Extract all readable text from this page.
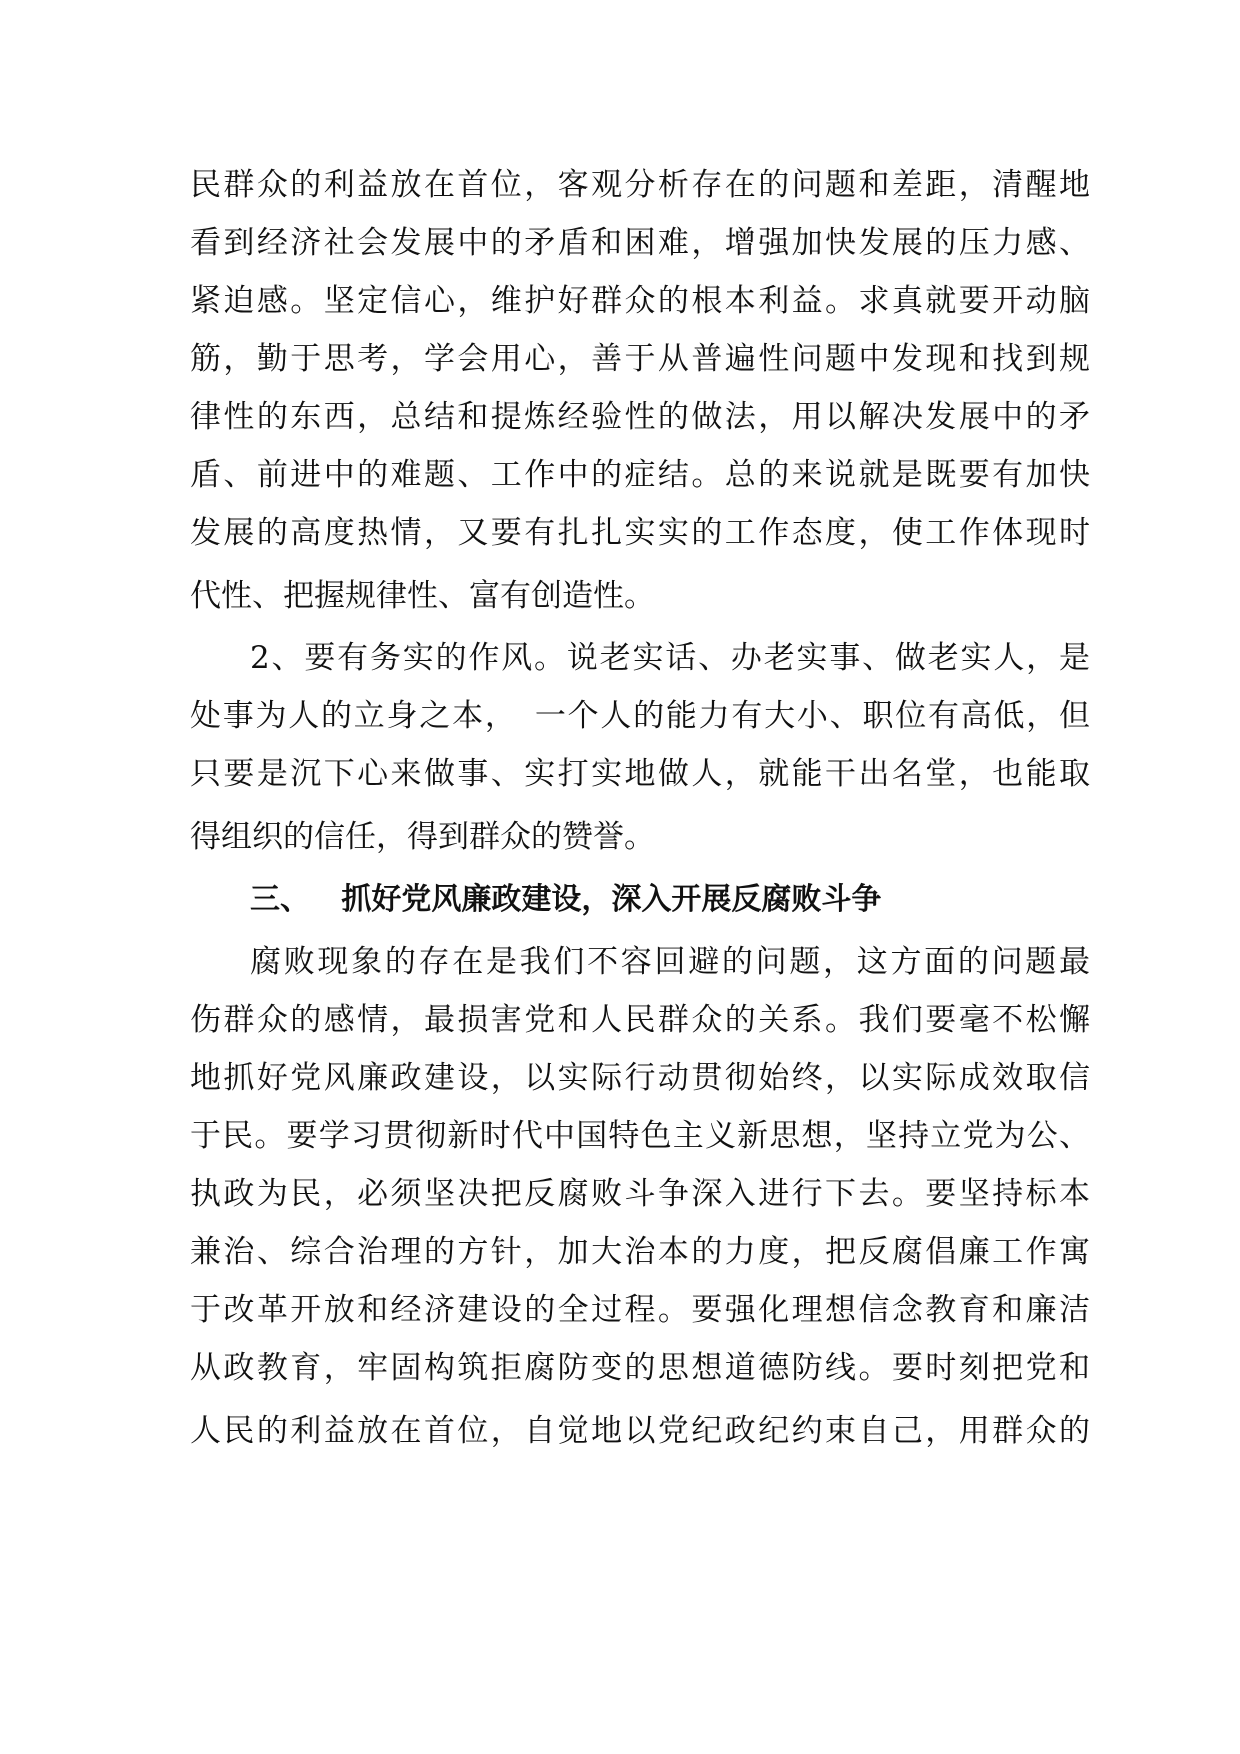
民群众的利益放在首位，客观分析存在的问题和差距，清醒地
看到经济社会发展中的矛盾和困难，增强加快发展的压力感、
紧迫感。坚定信心，维护好群众的根本利益。求真就要开动脑
筋，勤于思考，学会用心，善于从普遍性问题中发现和找到规
律性的东西，总结和提炼经验性的做法，用以解决发展中的矛
盾、前进中的难题、工作中的症结。总的来说就是既要有加快
发展的高度热情，又要有扎扎实实的工作态度，使工作体现时
代性、把握规律性、富有创造性。
2、要有务实的作风。说老实话、办老实事、做老实人，是
处事为人的立身之本，　一个人的能力有大小、职位有高低，但
只要是沉下心来做事、实打实地做人，就能干出名堂，也能取
得组织的信任，得到群众的赞誉。
三、 抓好党风廉政建设，深入开展反腐败斗争
腐败现象的存在是我们不容回避的问题，这方面的问题最
伤群众的感情，最损害党和人民群众的关系。我们要毫不松懈
地抓好党风廉政建设，以实际行动贯彻始终，以实际成效取信
于民。要学习贯彻新时代中国特色主义新思想，坚持立党为公、
执政为民，必须坚决把反腐败斗争深入进行下去。要坚持标本
兼治、综合治理的方针，加大治本的力度，把反腐倡廉工作寓
于改革开放和经济建设的全过程。要强化理想信念教育和廉洁
从政教育，牢固构筑拒腐防变的思想道德防线。要时刻把党和
人民的利益放在首位，自觉地以党纪政纪约束自己，用群众的
